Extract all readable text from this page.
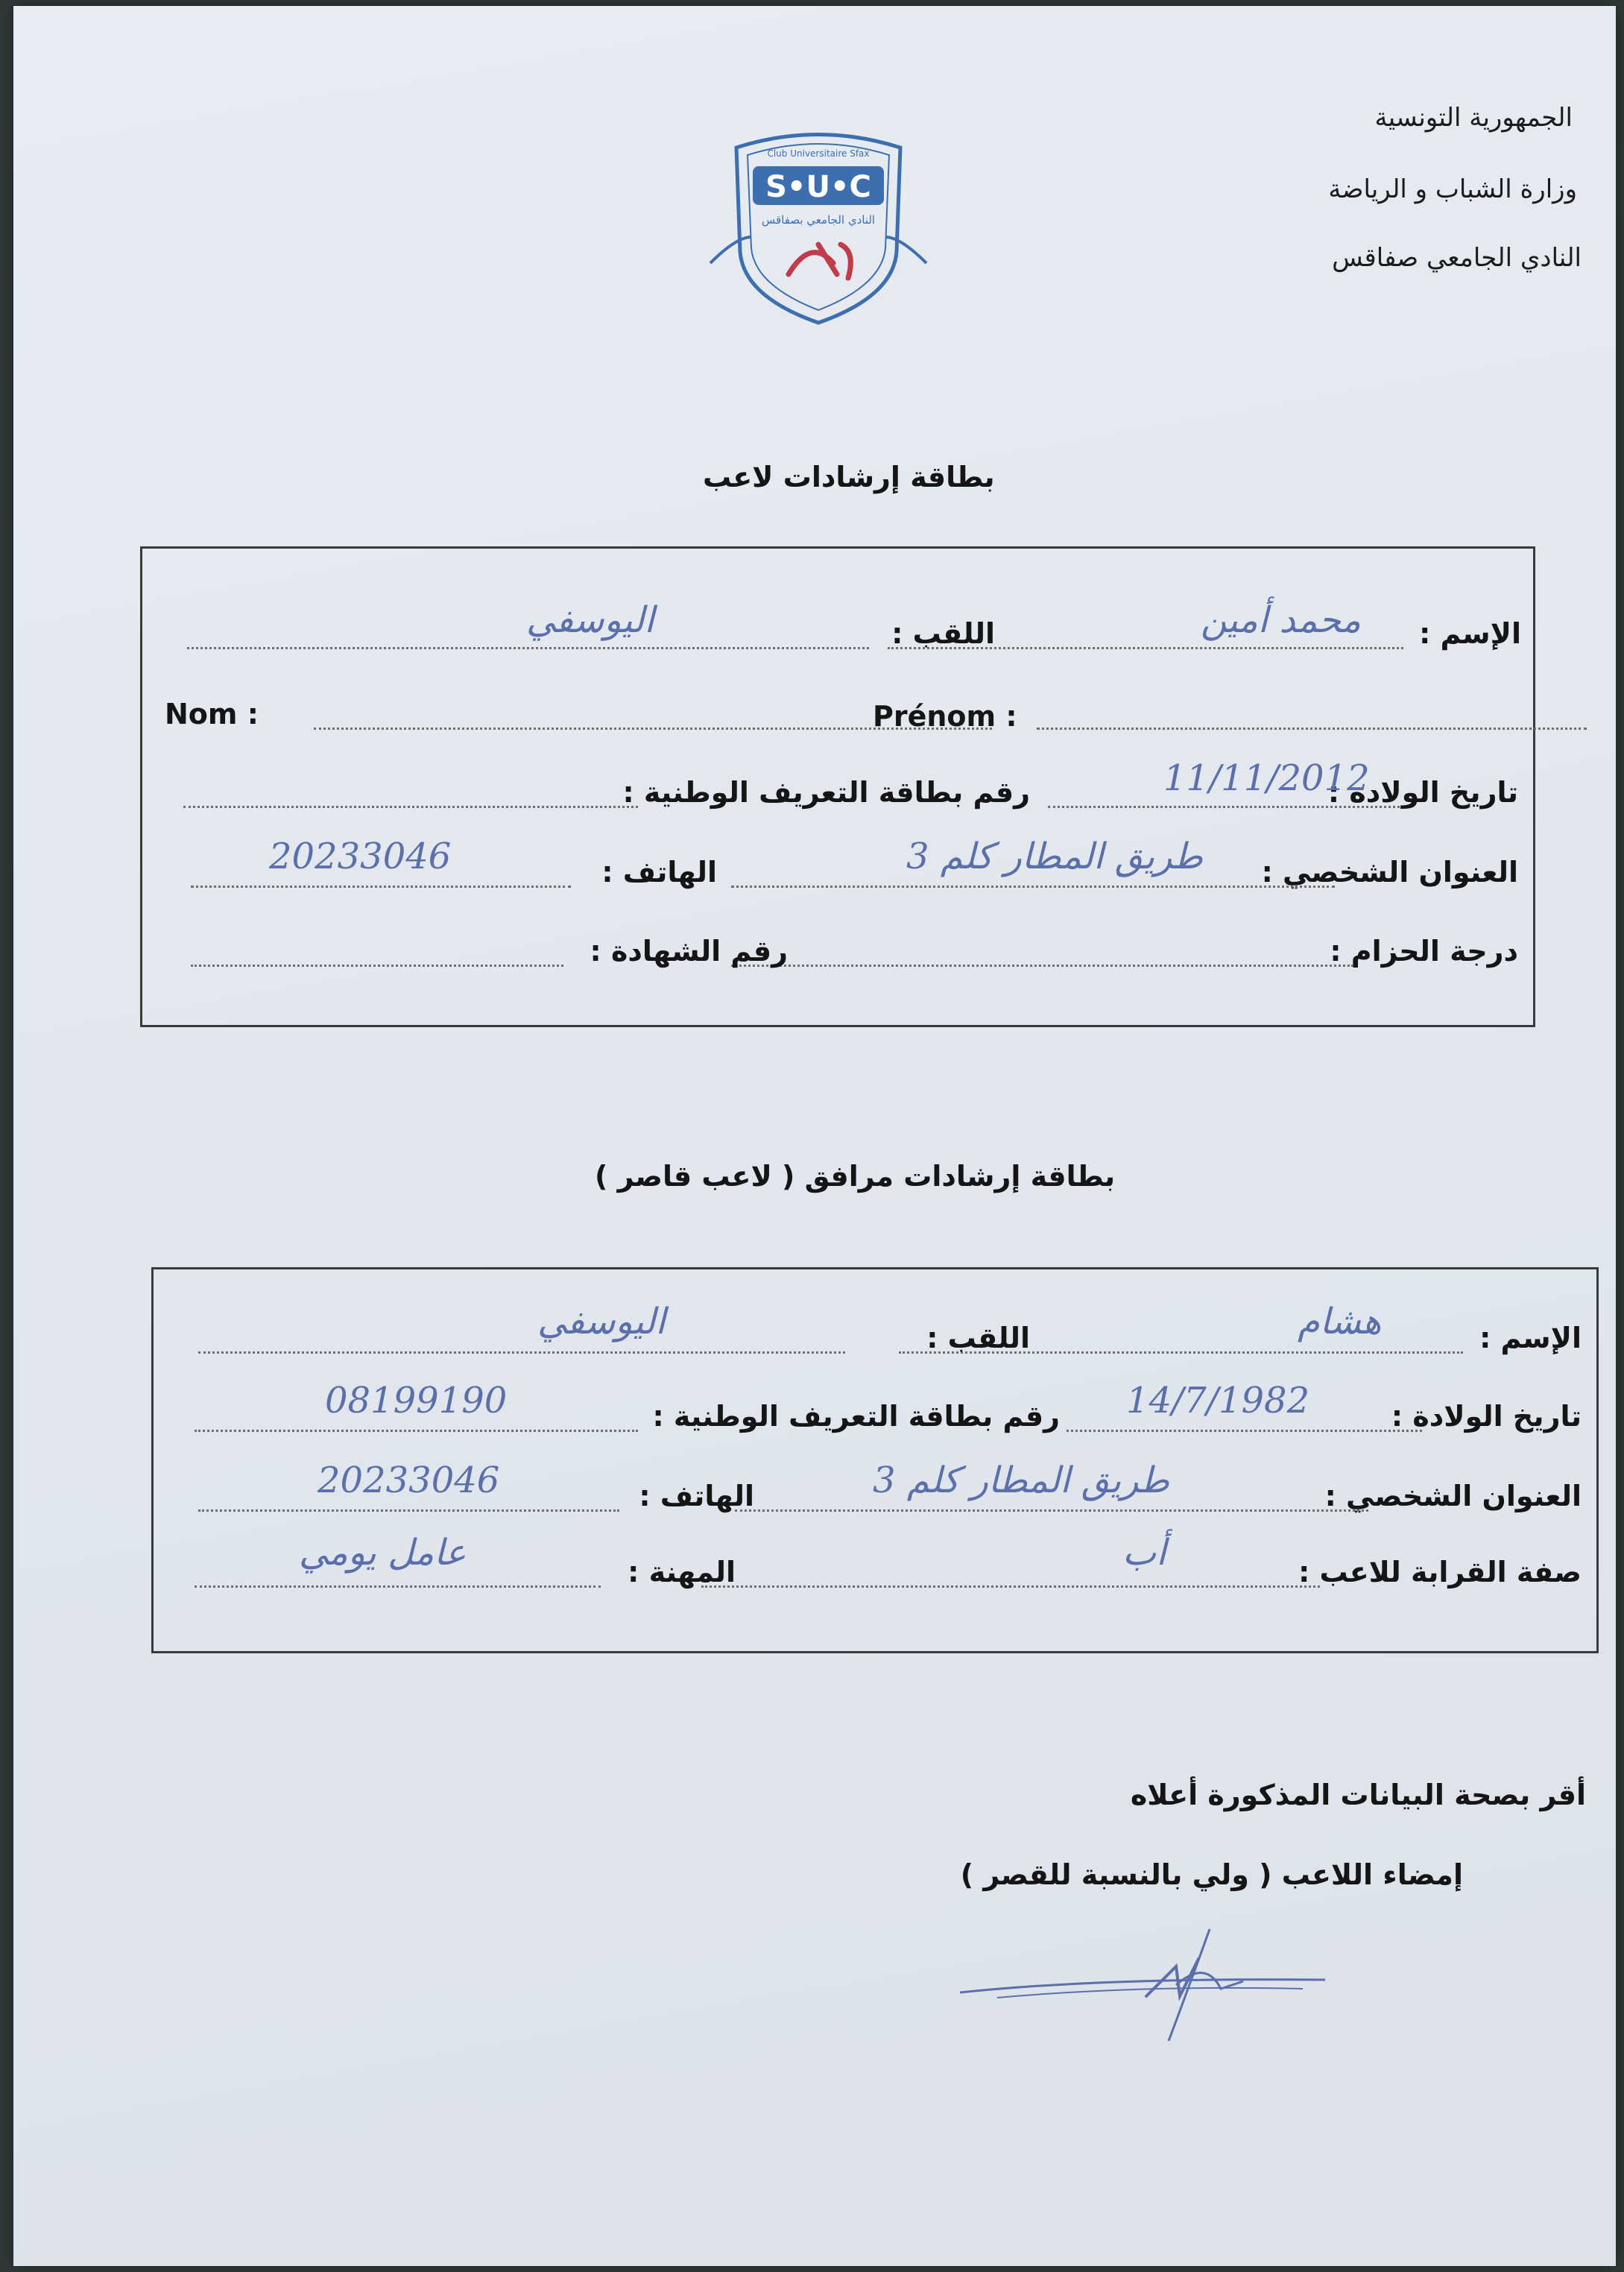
الجمهورية التونسية
وزارة الشباب و الرياضة
النادي الجامعي صفاقس
S•U•C
Club Universitaire Sfax
النادي الجامعي بصفاقس
بطاقة إرشادات لاعب
الإسم :
محمد أمين
اللقب :
اليوسفي
Nom :	Prénom :
تاريخ الولادة :
11/11/2012
رقم بطاقة التعريف الوطنية :
العنوان الشخصي :
طريق المطار كلم 3
الهاتف :
20233046
درجة الحزام :
رقم الشهادة :
بطاقة إرشادات مرافق ( لاعب قاصر )
الإسم :
هشام
اللقب :
اليوسفي
تاريخ الولادة :
14/7/1982
رقم بطاقة التعريف الوطنية :
08199190
العنوان الشخصي :
طريق المطار كلم 3
الهاتف :
20233046
صفة القرابة للاعب :
أب
المهنة :
عامل يومي
أقر بصحة البيانات المذكورة أعلاه
إمضاء اللاعب ( ولي بالنسبة للقصر )
